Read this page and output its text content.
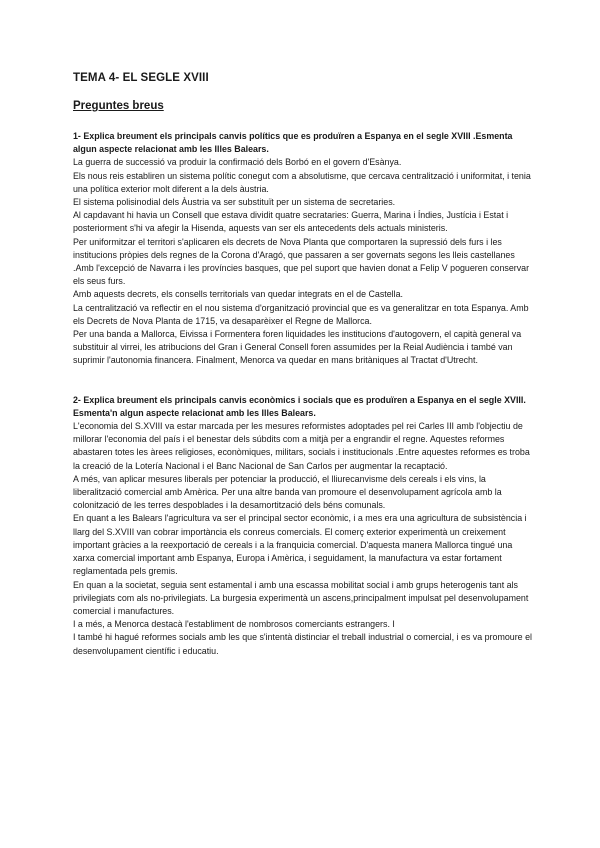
TEMA 4- EL SEGLE XVIII
Preguntes breus

1- Explica breument els principals canvis polítics que es produïren a Espanya en el segle XVIII .Esmenta algun aspecte relacionat amb les Illes Balears.

La guerra de successió va produir la confirmació dels Borbó en el govern d'Esànya.

Els nous reis establiren un sistema polític conegut com a absolutisme, que cercava centralització i uniformitat, i tenia una política exterior molt diferent a la dels àustria.

El sistema polisinodial dels Àustria va ser substituït per un sistema de secretaries.

Al capdavant hi havia un Consell que estava dividit quatre secrataries: Guerra, Marina i Índies, Justícia i Estat i posteriorment s'hi va afegir la Hisenda, aquests van ser els antecedents dels actuals ministeris.

Per uniformitzar el territori s'aplicaren els decrets de Nova Planta que comportaren la supressió dels furs i les institucions pròpies dels regnes de la Corona d'Aragó, que passaren a ser governats segons les lleis castellanes .Amb l'excepció de Navarra i les províncies basques, que pel suport que havien donat a Felip V pogueren conservar els seus furs.

Amb aquests decrets, els consells territorials van quedar integrats en el de Castella.

La centralització va reflectir en el nou sistema d'organització provincial que es va generalitzar en tota Espanya. Amb els Decrets de Nova Planta de 1715, va desaparèixer el Regne de Mallorca.

Per una banda a Mallorca, Eivissa i Formentera foren liquidades les institucions d'autogovern, el capità general va substituir al virrei, les atribucions del Gran i General Consell foren assumides per la Reial Audiència i també van suprimir l'autonomia financera. Finalment, Menorca va quedar en mans britàniques al Tractat d'Utrecht.

2- Explica breument els principals canvis econòmics i socials que es produïren a Espanya en el segle XVIII. Esmenta'n algun aspecte relacionat amb les Illes Balears.

L'economia del S.XVIII va estar marcada per les mesures reformistes adoptades pel rei Carles III amb l'objectiu de millorar l'economia del país i el benestar dels súbdits com a mitjà per a engrandir el regne. Aquestes reformes abastaren totes les àrees religioses, econòmiques, militars, socials i institucionals .Entre aquestes reformes es troba la creació de la Lotería Nacional i el Banc Nacional de San Carlos per augmentar la recaptació.

A més, van aplicar mesures liberals per potenciar la producció, el lliurecanvisme dels cereals i els vins, la liberalització comercial amb Amèrica. Per una altre banda van promoure el desenvolupament agrícola amb la colonització de les terres despoblades i la desamortització dels béns comunals.

En quant a les Balears l'agricultura va ser el principal sector econòmic, i a mes era una agricultura de subsistència i llarg del S.XVIII van cobrar importància els conreus comercials. El comerç exterior experimentà un creixement important gràcies a la reexportació de cereals i a la franquicia comercial. D'aquesta manera Mallorca tingué una xarxa comercial important amb Espanya, Europa i Amèrica, i seguidament, la manufactura va estar fortament reglamentada pels gremis.

En quan a la societat, seguia sent estamental i amb una escassa mobilitat social i amb grups heterogenis tant als privilegiats com als no-privilegiats. La burgesia experimentà un ascens,principalment impulsat pel desenvolupament comercial i manufactures.

I a més, a Menorca destacà l'establiment de nombrosos comerciants estrangers. I

I també hi hagué reformes socials amb les que s'intentà distinciar el treball industrial o comercial, i es va promoure el desenvolupament científic i educatiu.
